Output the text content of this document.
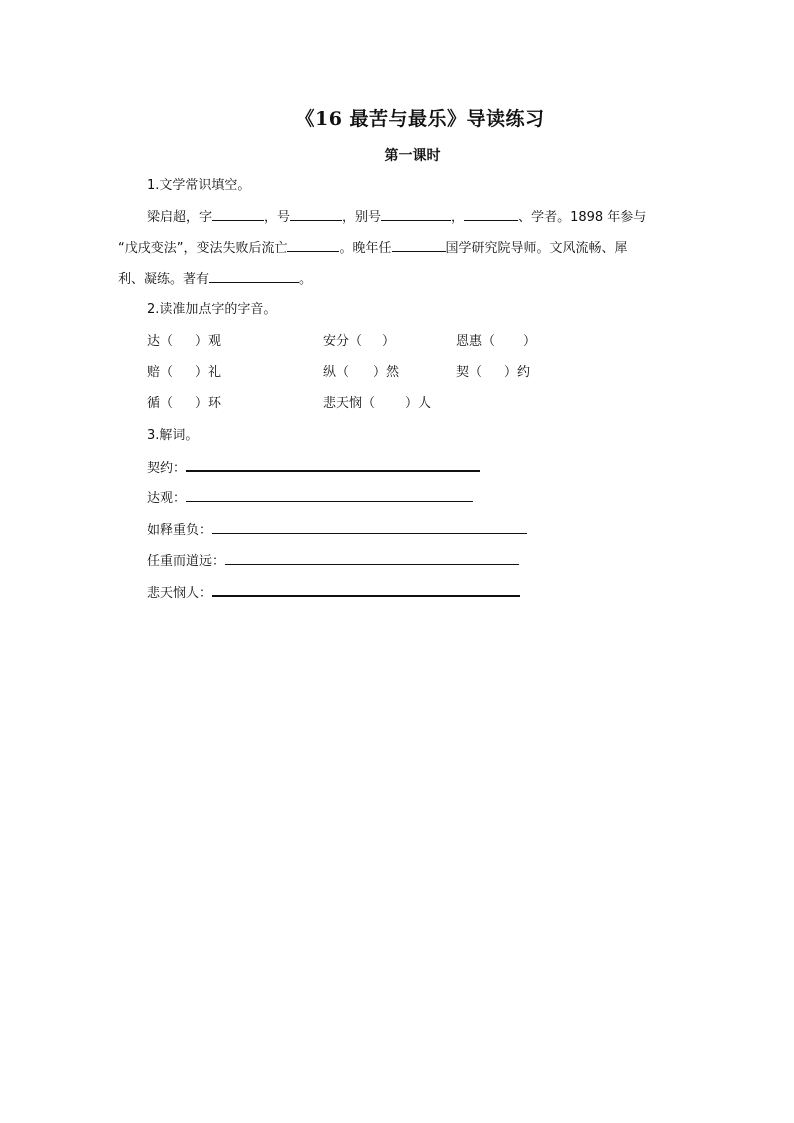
《16 最苦与最乐》导读练习
第一课时
1.文学常识填空。
梁启超，字	，号	，别号	，	、学者。1898 年参与
“戊戌变法”，变法失败后流亡	。晚年任	国学研究院导师。文风流畅、犀
利、凝练。著有	。
2.读准加点字的字音。
达（ ）观	安分（ ）	恩惠（ ）
赔（ ）礼	纵（ ）然	契（ ）约
循（ ）环	悲天悯（ ）人
3.解词。
契约：
达观：
如释重负：
任重而道远：
悲天悯人：
